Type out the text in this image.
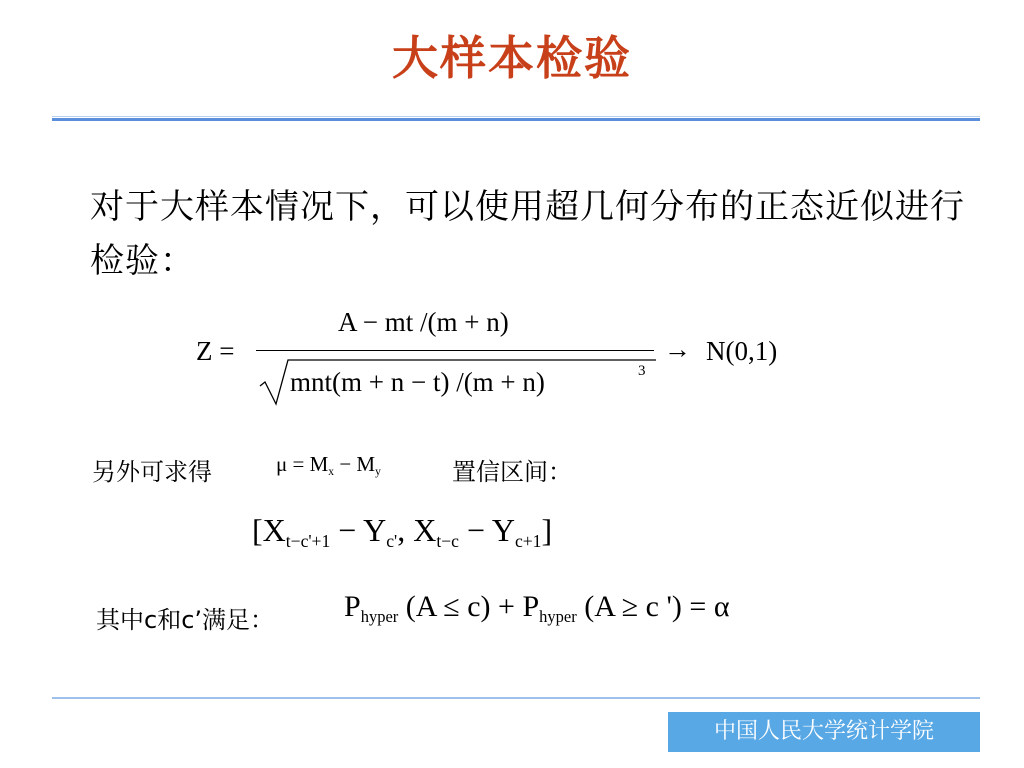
大样本检验
对于大样本情况下，可以使用超几何分布的正态近似进行检验：
Z =
A − mt /(m + n)
mnt(m + n − t) /(m + n)	3
→ N(0,1)
另外可求得	$\mu = M_x - M_y$	置信区间：
[$X_{t-c'+1} - Y_{c'}$, $X_{t-c} - Y_{c+1}$]
其中c和c’满足： $P_{hyper}$ $(A \le c) + P_{hyper}$ (A ≥ c ') = α
中国人民大学统计学院
